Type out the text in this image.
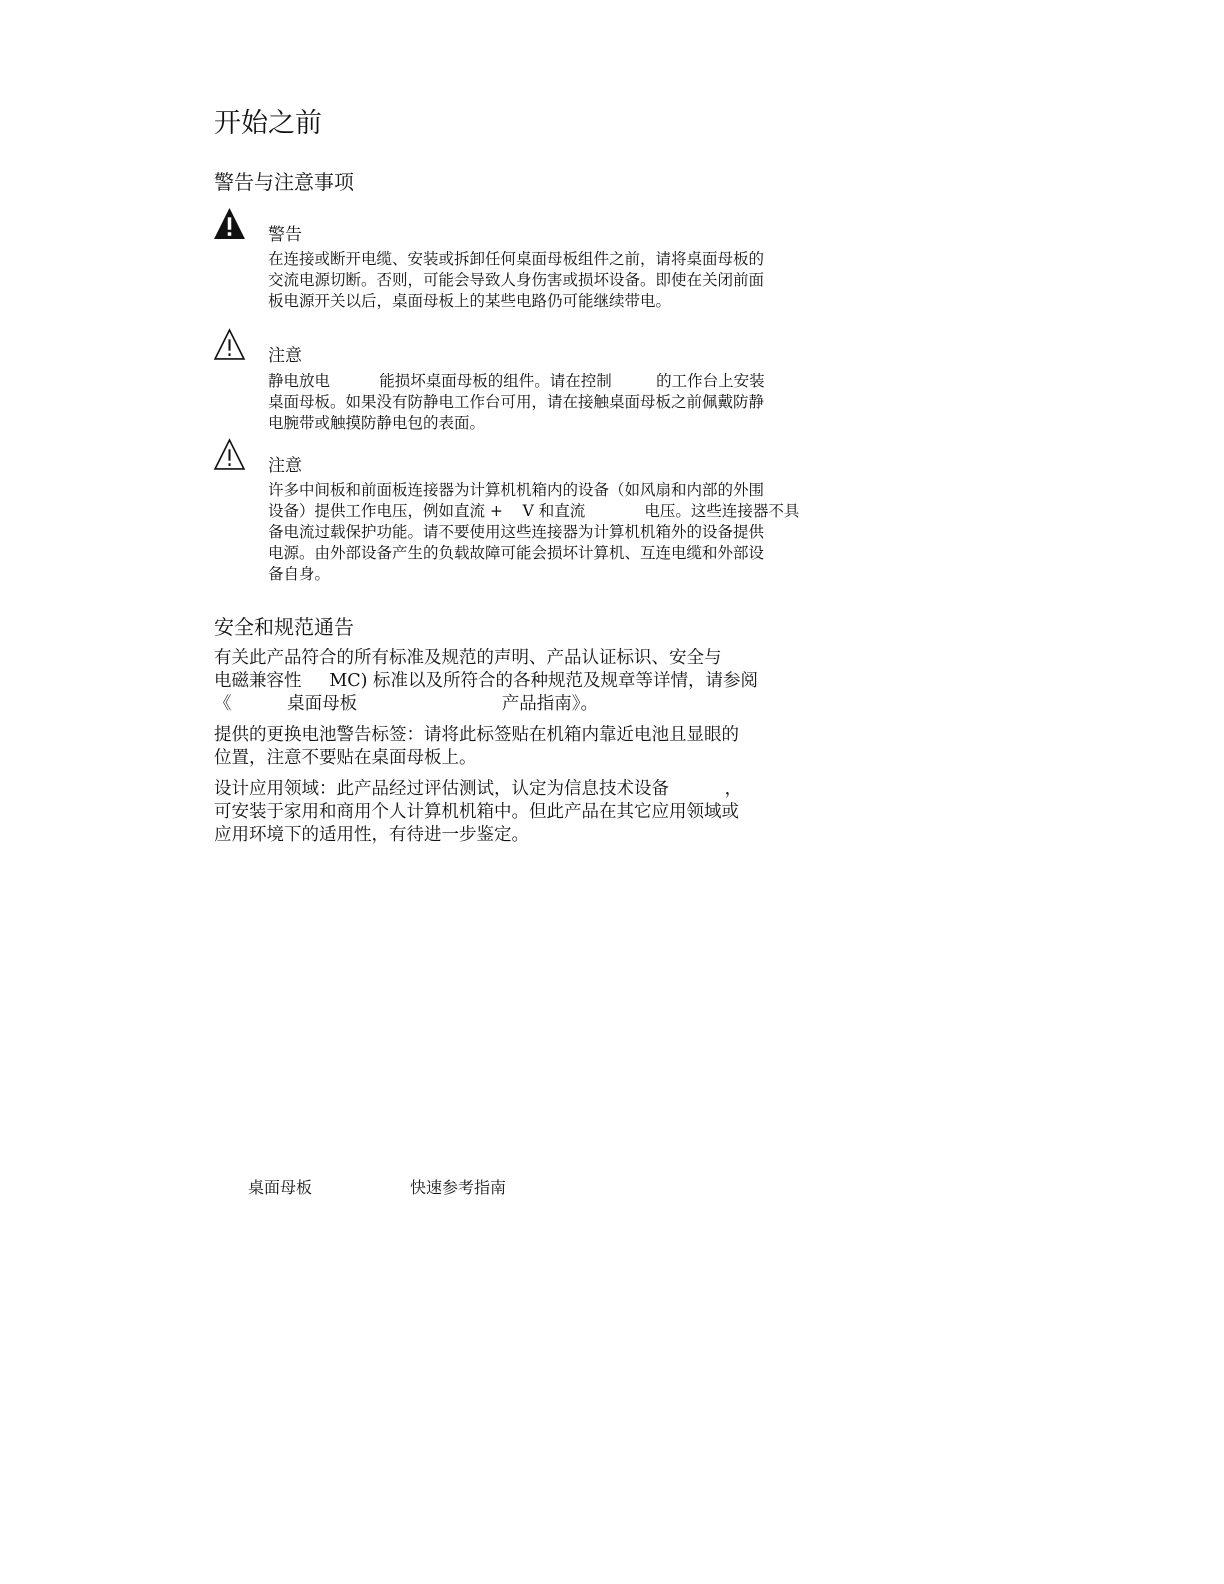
开始之前
警告与注意事项
警告
在连接或断开电缆、安装或拆卸任何桌面母板组件之前，请将桌面母板的
交流电源切断。否则，可能会导致人身伤害或损坏设备。即使在关闭前面
板电源开关以后，桌面母板上的某些电路仍可能继续带电。
注意
静电放电          能损坏桌面母板的组件。请在控制         的工作台上安装
桌面母板。如果没有防静电工作台可用，请在接触桌面母板之前佩戴防静
电腕带或触摸防静电包的表面。
注意
许多中间板和前面板连接器为计算机机箱内的设备（如风扇和内部的外围
设备）提供工作电压，例如直流 +    V 和直流            电压。这些连接器不具
备电流过载保护功能。请不要使用这些连接器为计算机机箱外的设备提供
电源。由外部设备产生的负载故障可能会损坏计算机、互连电缆和外部设
备自身。
安全和规范通告
有关此产品符合的所有标准及规范的声明、产品认证标识、安全与
电磁兼容性     MC) 标准以及所符合的各种规范及规章等详情，请参阅
《          桌面母板                          产品指南》。
提供的更换电池警告标签：请将此标签贴在机箱内靠近电池且显眼的
位置，注意不要贴在桌面母板上。
设计应用领域：此产品经过评估测试，认定为信息技术设备          ，
可安装于家用和商用个人计算机机箱中。但此产品在其它应用领域或
应用环境下的适用性，有待进一步鉴定。
桌面母板	快速参考指南
